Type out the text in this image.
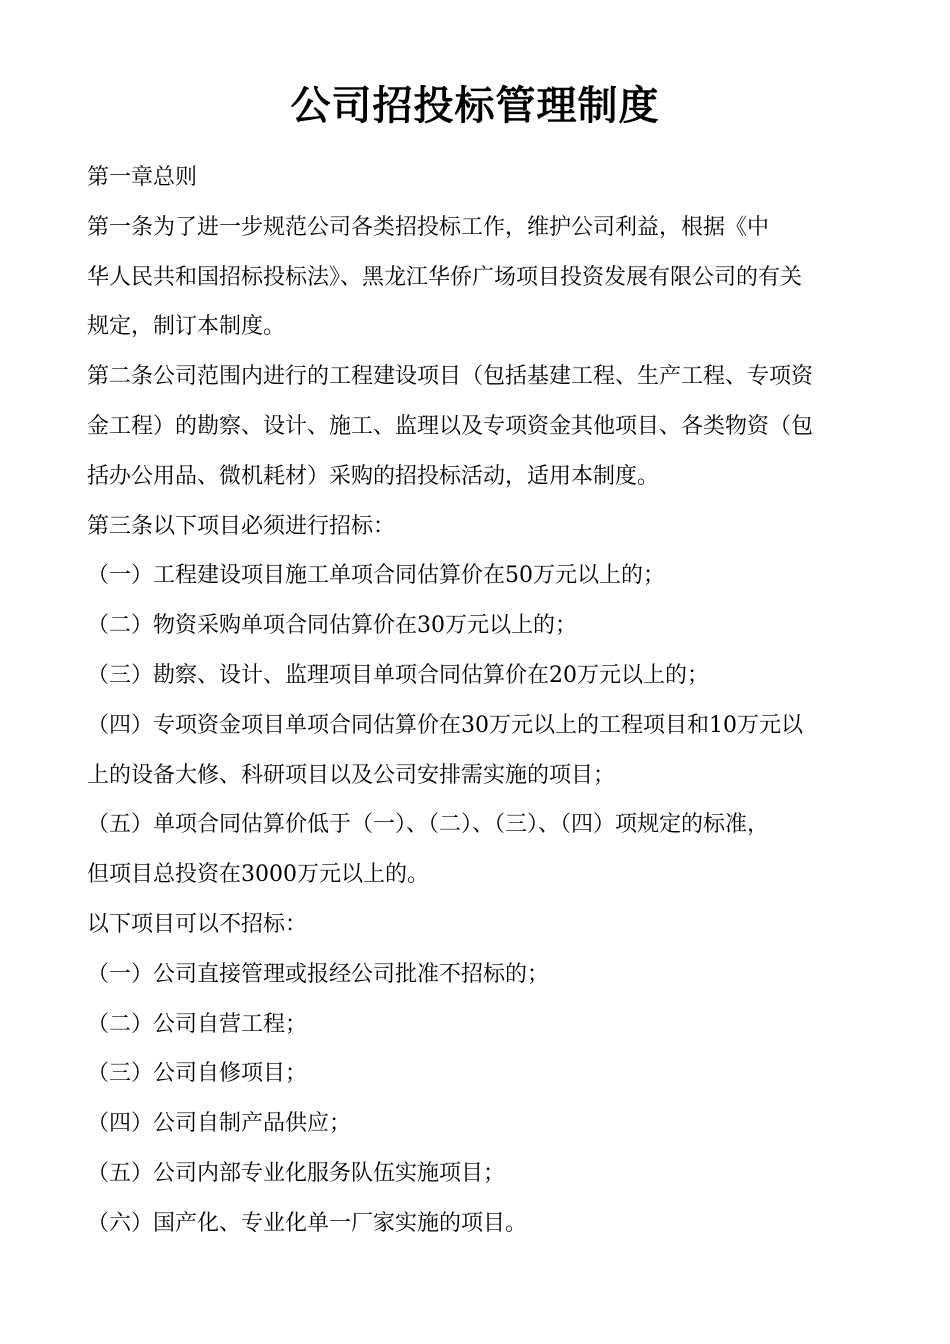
公司招投标管理制度
第一章总则
第一条为了进一步规范公司各类招投标工作，维护公司利益，根据《中
华人民共和国招标投标法》、黑龙江华侨广场项目投资发展有限公司的有关
规定，制订本制度。
第二条公司范围内进行的工程建设项目（包括基建工程、生产工程、专项资
金工程）的勘察、设计、施工、监理以及专项资金其他项目、各类物资（包
括办公用品、微机耗材）采购的招投标活动，适用本制度。
第三条以下项目必须进行招标：
（一）工程建设项目施工单项合同估算价在50万元以上的；
（二）物资采购单项合同估算价在30万元以上的；
（三）勘察、设计、监理项目单项合同估算价在20万元以上的；
（四）专项资金项目单项合同估算价在30万元以上的工程项目和10万元以
上的设备大修、科研项目以及公司安排需实施的项目；
（五）单项合同估算价低于（一）、（二）、（三）、（四）项规定的标准，
但项目总投资在3000万元以上的。
以下项目可以不招标：
（一）公司直接管理或报经公司批准不招标的；
（二）公司自营工程；
（三）公司自修项目；
（四）公司自制产品供应；
（五）公司内部专业化服务队伍实施项目；
（六）国产化、专业化单一厂家实施的项目。
